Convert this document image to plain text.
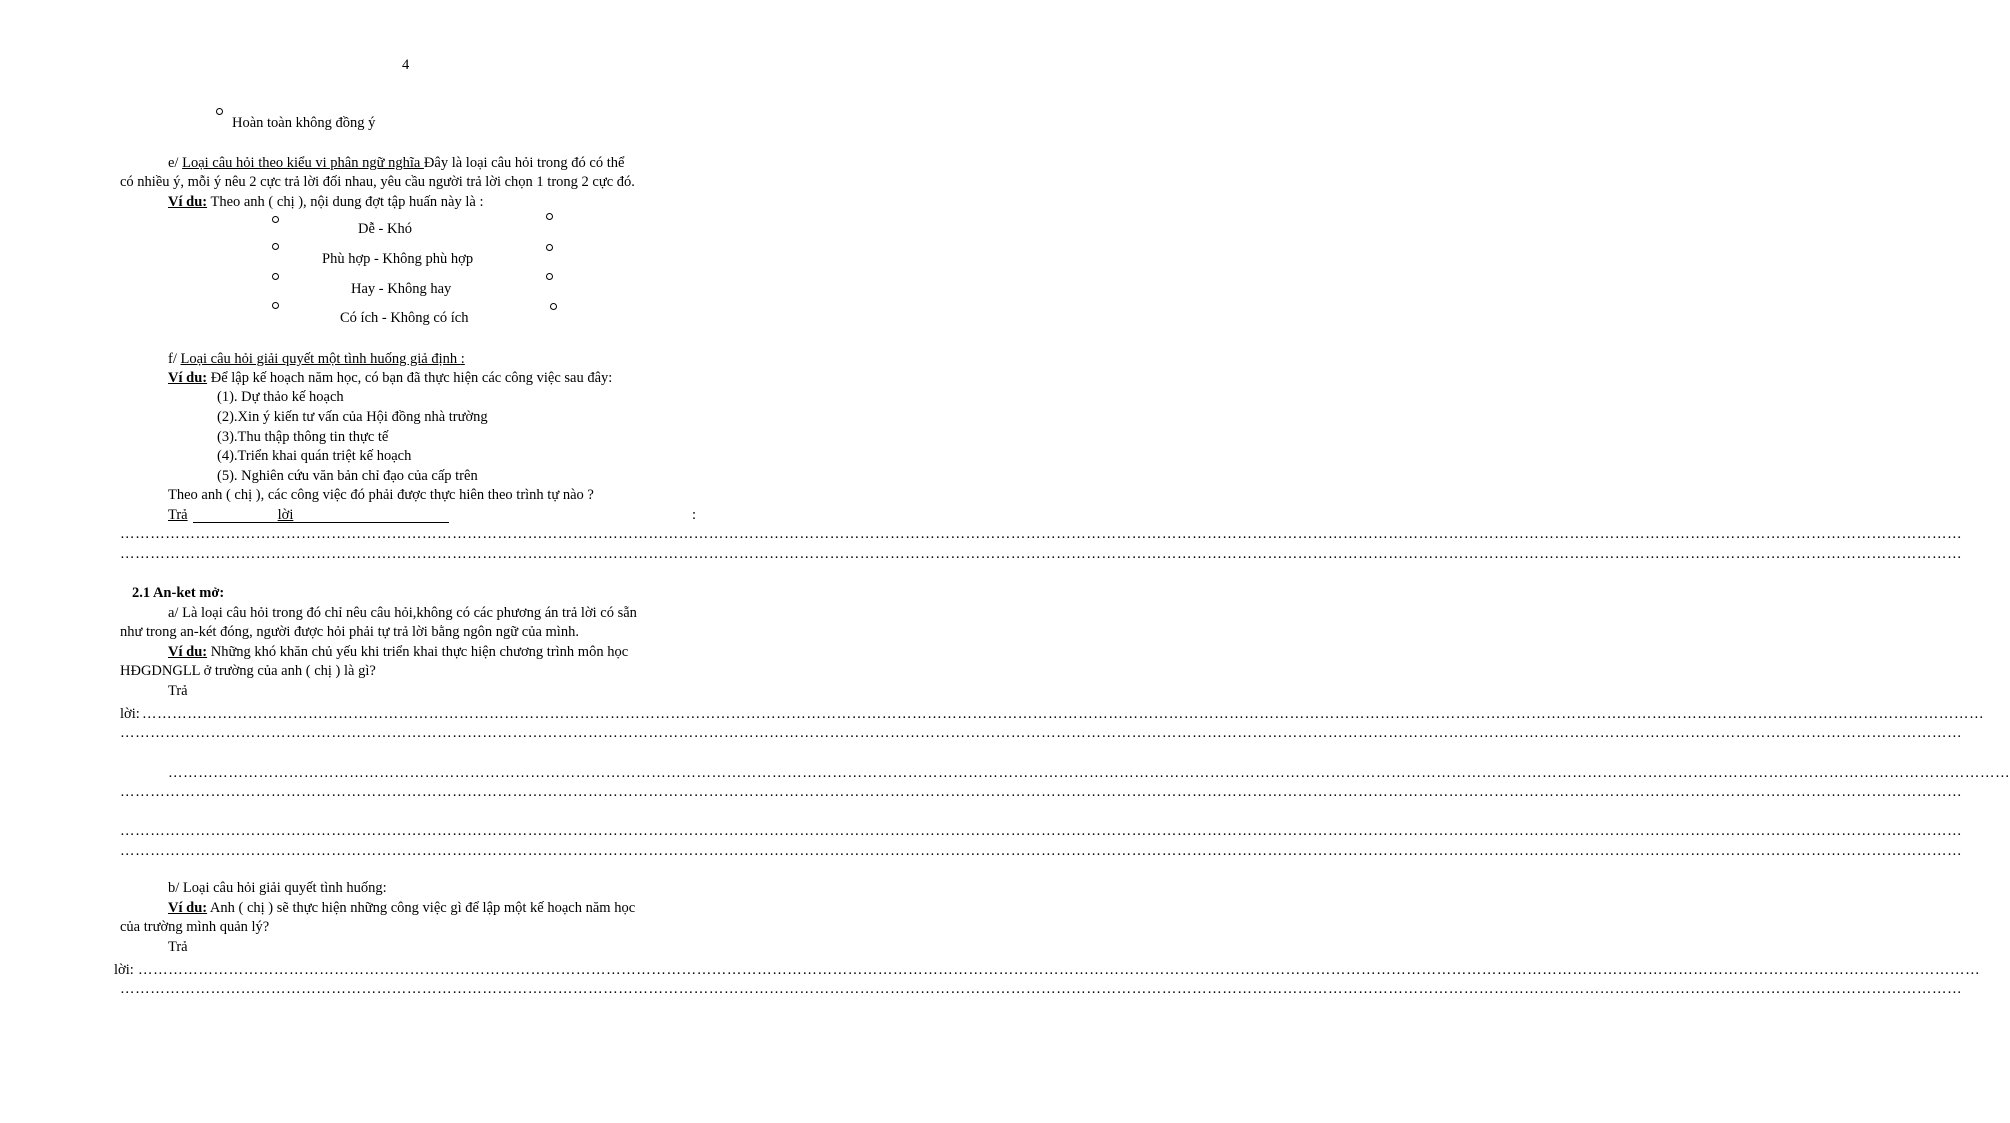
4
Hoàn toàn không đồng ý
e/ Loại câu hỏi theo kiểu vi phân ngữ nghĩa Đây là loại câu hỏi trong đó có thể
có nhiều ý, mỗi ý nêu 2 cực trả lời đối nhau, yêu cầu người trả lời chọn 1 trong 2 cực đó.
Ví du: Theo anh ( chị ), nội dung đợt tập huấn này là :
Dễ - Khó
Phù hợp - Không phù hợp
Hay - Không hay
Có ích - Không có ích
f/ Loại câu hỏi giải quyết một tình huống giả định :
Ví du: Để lập kế hoạch năm học, có bạn đã thực hiện các công việc sau đây:
(1). Dự thảo kế hoạch
(2).Xin ý kiến tư vấn của Hội đồng nhà trường
(3).Thu thập thông tin thực tế
(4).Triển khai quán triệt kế hoạch
(5). Nghiên cứu văn bản chỉ đạo của cấp trên
Theo anh ( chị ), các công việc đó phải được thực hiên theo trình tự nào ?
Trả	lời	:
……………………………………………………………………………………………………………………………………………………………………………………………………………………………………………………………………………………………………………………………………
……………………………………………………………………………………………………………………………………………………………………………………………………………………………………………………………………………………………………………………………………
2.1 An-ket mở:
a/ Là loại câu hỏi trong đó chỉ nêu câu hỏi,không có các phương án trả lời có sẵn
như trong an-két đóng, người được hỏi phải tự trả lời bằng ngôn ngữ của mình.
Ví du: Những khó khăn chủ yếu khi triển khai thực hiện chương trình môn học
HĐGDNGLL ở trường của anh ( chị ) là gì?
Trả
lời: ……………………………………………………………………………………………………………………………………………………………………………………………………………………………………………………………………………………………………………………………………
……………………………………………………………………………………………………………………………………………………………………………………………………………………………………………………………………………………………………………………………………
……………………………………………………………………………………………………………………………………………………………………………………………………………………………………………………………………………………………………………………………………
……………………………………………………………………………………………………………………………………………………………………………………………………………………………………………………………………………………………………………………………………
……………………………………………………………………………………………………………………………………………………………………………………………………………………………………………………………………………………………………………………………………
……………………………………………………………………………………………………………………………………………………………………………………………………………………………………………………………………………………………………………………………………
b/ Loại câu hỏi giải quyết tình huống:
Ví du: Anh ( chị ) sẽ thực hiện những công việc gì để lập một kế hoạch năm học
của trường mình quản lý?
Trả
lời: ……………………………………………………………………………………………………………………………………………………………………………………………………………………………………………………………………………………………………………………………………
……………………………………………………………………………………………………………………………………………………………………………………………………………………………………………………………………………………………………………………………………
